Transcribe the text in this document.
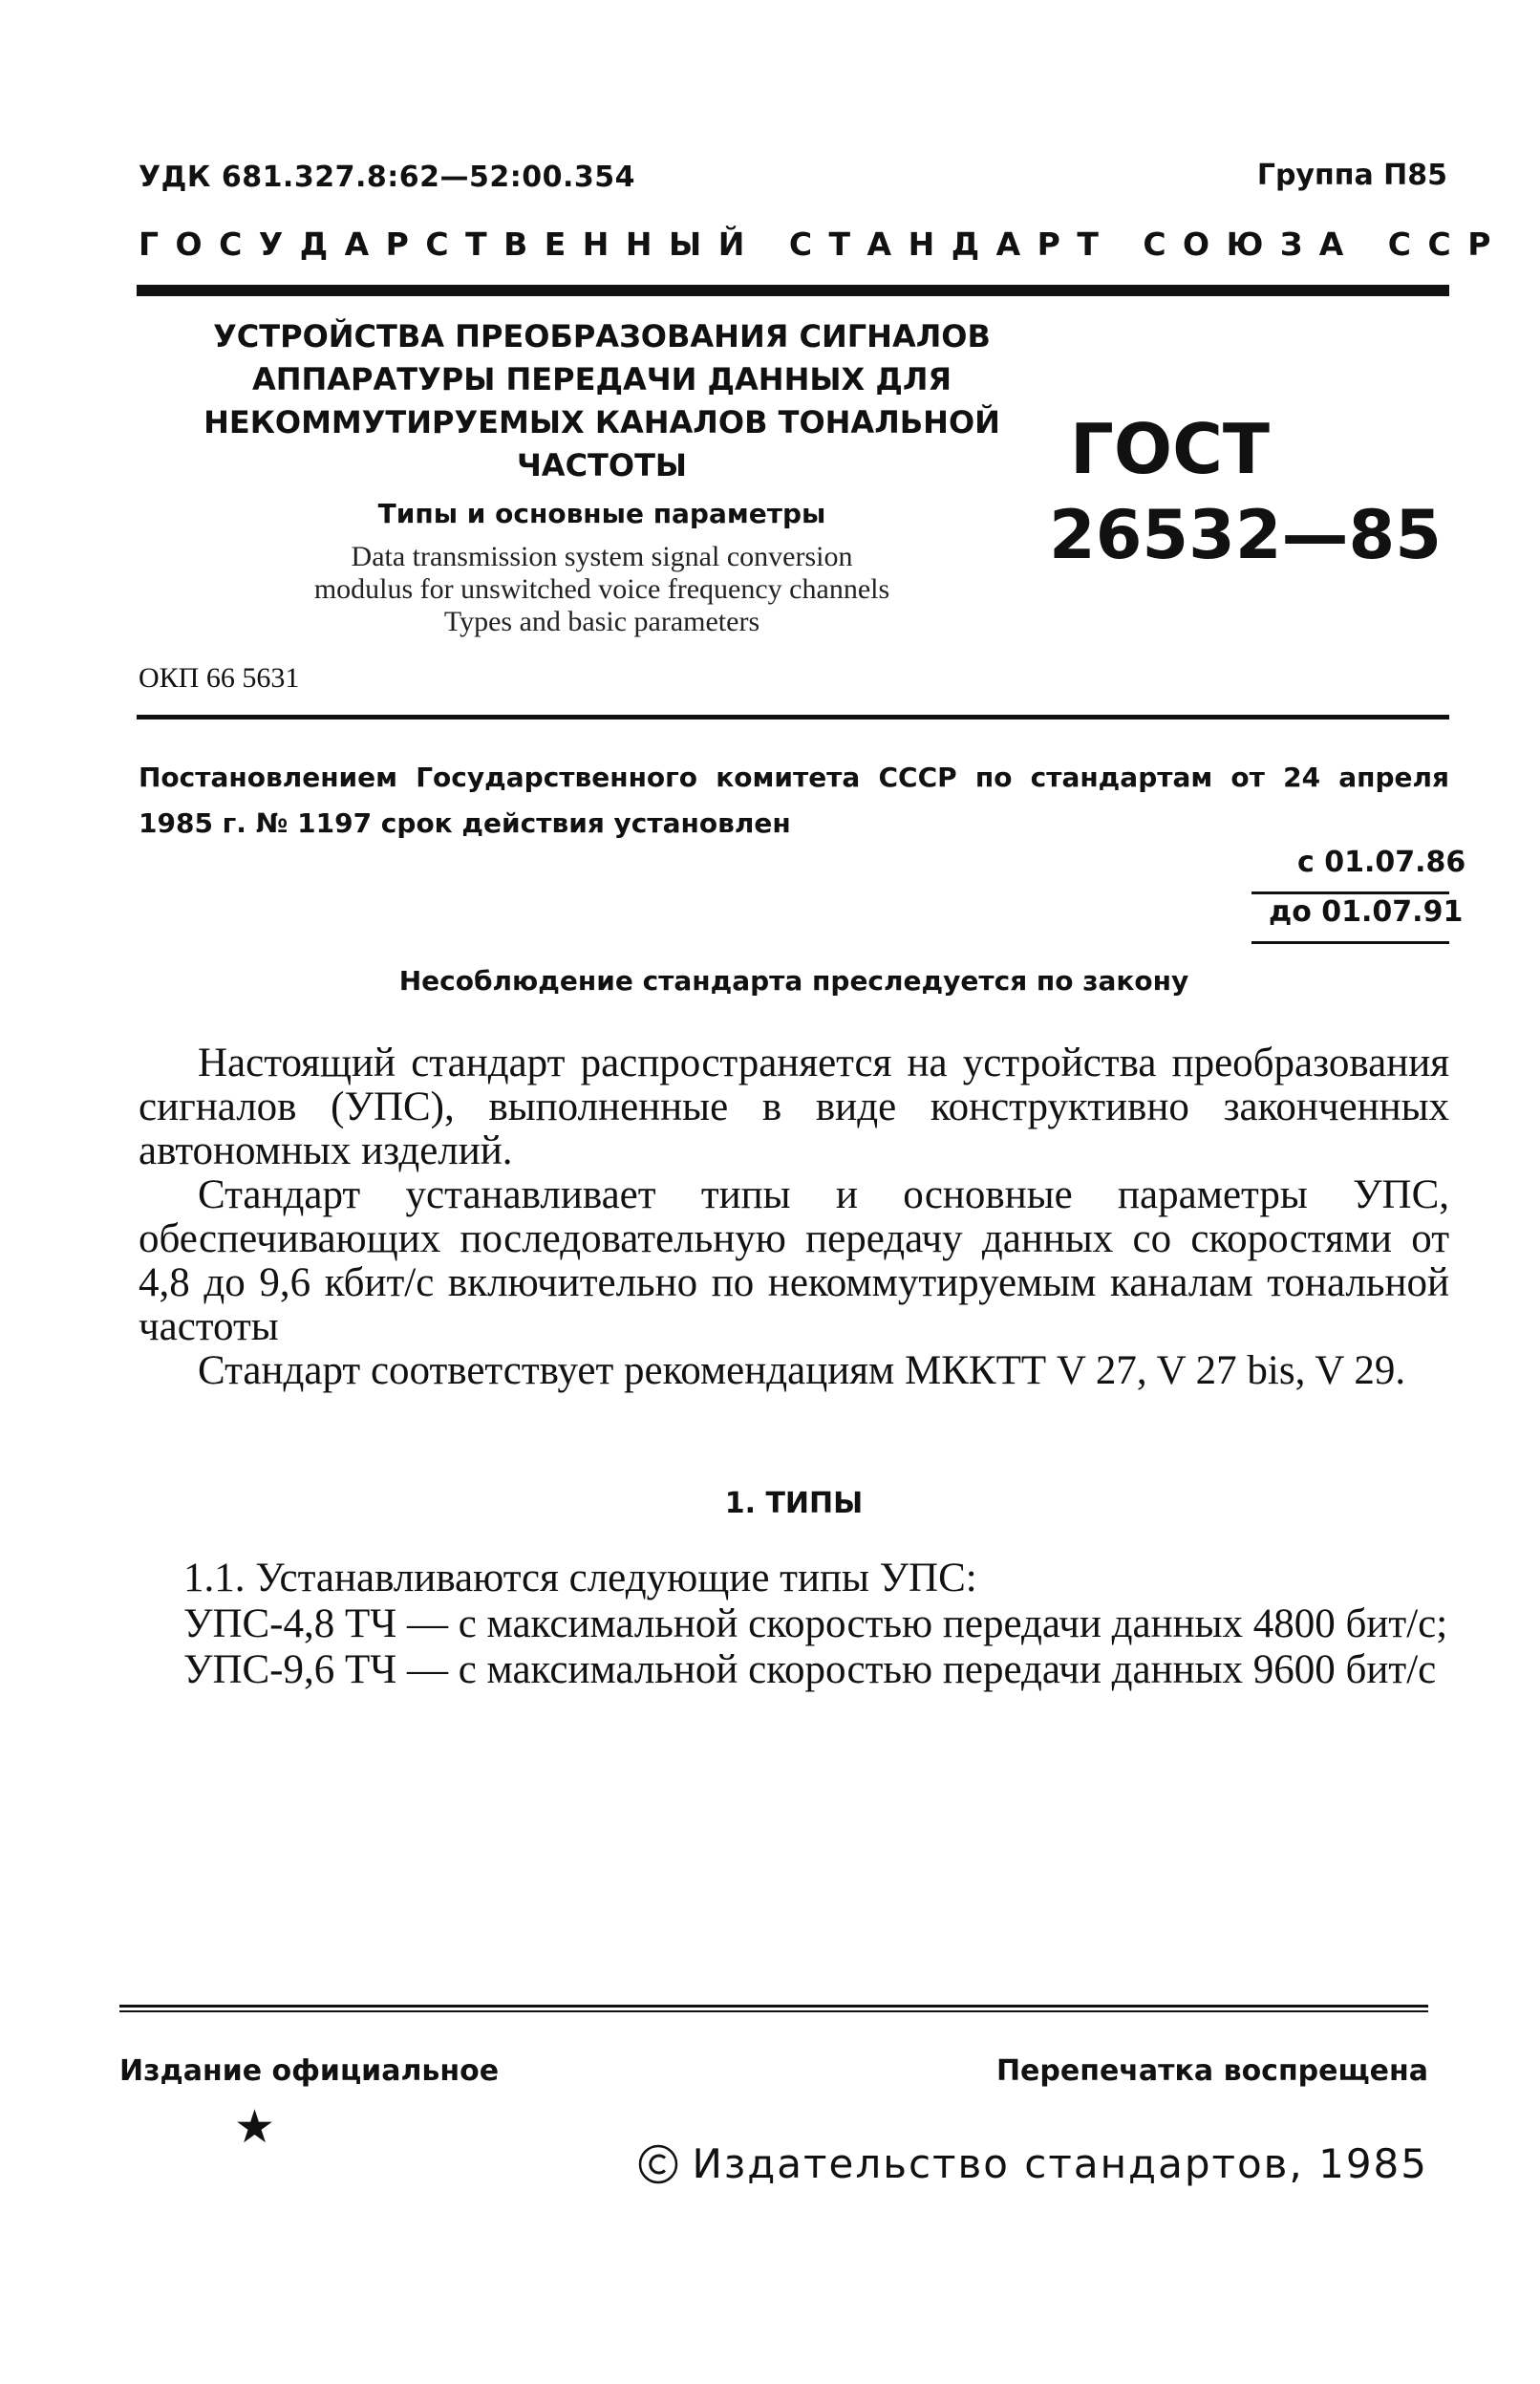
УДК 681.327.8:62—52:00.354	Группа П85
ГОСУДАРСТВЕННЫЙ СТАНДАРТ СОЮЗА ССР
УСТРОЙСТВА ПРЕОБРАЗОВАНИЯ СИГНАЛОВ
АППАРАТУРЫ ПЕРЕДАЧИ ДАННЫХ ДЛЯ
НЕКОММУТИРУЕМЫХ КАНАЛОВ ТОНАЛЬНОЙ
ЧАСТОТЫ
Типы и основные параметры
Data transmission system signal conversion
modulus for unswitched voice frequency channels
Types and basic parameters
ГОСТ
26532—85
ОКП 66 5631
Постановлением Государственного комитета СССР по стандартам от 24 апреля 1985 г. № 1197 срок действия установлен
с 01.07.86
до 01.07.91
Несоблюдение стандарта преследуется по закону

Настоящий стандарт распространяется на устройства преобразования сигналов (УПС), выполненные в виде конструктивно законченных автономных изделий.

Стандарт устанавливает типы и основные параметры УПС, обеспечивающих последовательную передачу данных со скоростями от 4,8 до 9,6 кбит/с включительно по некоммутируемым каналам тональной частоты

Стандарт соответствует рекомендациям МККТТ V 27, V 27 bis, V 29.

1. ТИПЫ

1.1. Устанавливаются следующие типы УПС:

УПС-4,8 ТЧ — с максимальной скоростью передачи данных 4800 бит/с;

УПС-9,6 ТЧ — с максимальной скоростью передачи данных 9600 бит/с

Издание официальное	Перепечатка воспрещена
★
Издательство стандартов, 1985
